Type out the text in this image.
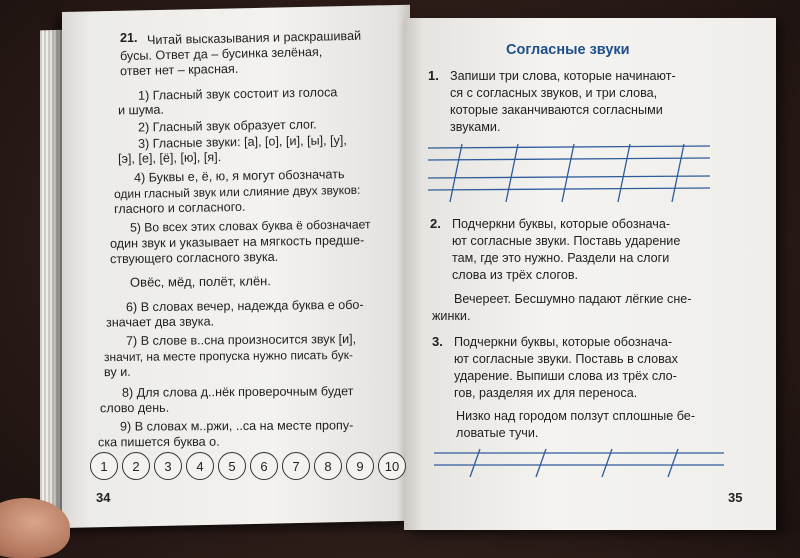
21. Читай высказывания и раскрашивай
бусы. Ответ да – бусинка зелёная,
ответ нет – красная.
1) Гласный звук состоит из голоса
и шума.
2) Гласный звук образует слог.
3) Гласные звуки: [а], [о], [и], [ы], [у],
[э], [е], [ё], [ю], [я].
4) Буквы е, ё, ю, я могут обозначать
один гласный звук или слияние двух звуков:
гласного и согласного.
5) Во всех этих словах буква ё обозначает
один звук и указывает на мягкость предше-
ствующего согласного звука.
Овёс, мёд, полёт, клён.
6) В словах вечер, надежда буква е обо-
значает два звука.
7) В слове в..сна произносится звук [и],
значит, на месте пропуска нужно писать бук-
ву и.
8) Для слова д..нёк проверочным будет
слово день.
9) В словах м..ржи, ..са на месте пропу-
ска пишется буква о.
1	2	3	4	5	6	7	8	9	10
34
Согласные звуки
1. Запиши три слова, которые начинают-
ся с согласных звуков, и три слова,
которые заканчиваются согласными
звуками.
2. Подчеркни буквы, которые обознача-
ют согласные звуки. Поставь ударение
там, где это нужно. Раздели на слоги
слова из трёх слогов.
Вечереет. Бесшумно падают лёгкие сне-
жинки.
3. Подчеркни буквы, которые обознача-
ют согласные звуки. Поставь в словах
ударение. Выпиши слова из трёх сло-
гов, разделяя их для переноса.
Низко над городом ползут сплошные бе-
ловатые тучи.
35
